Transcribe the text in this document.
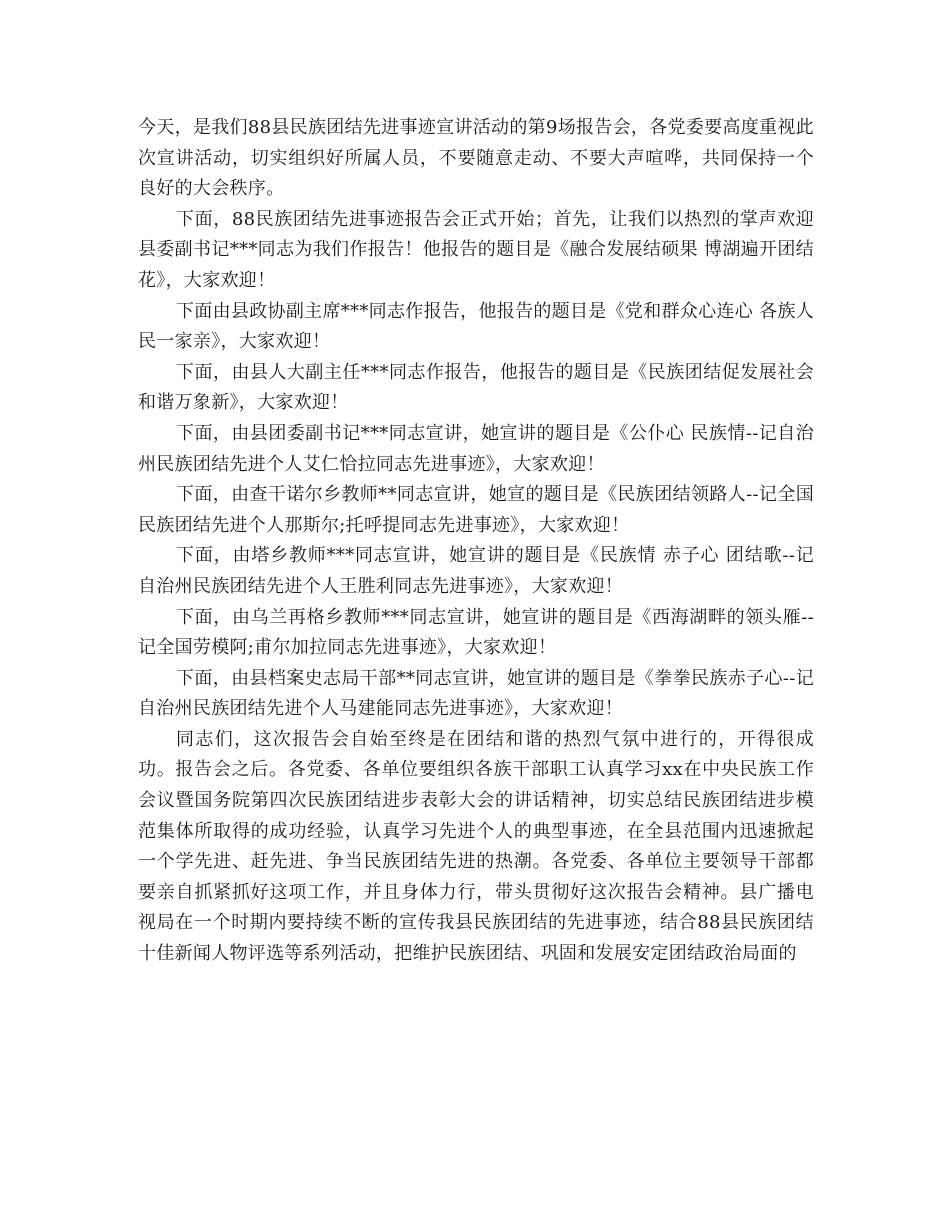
今天，是我们88县民族团结先进事迹宣讲活动的第9场报告会，各党委要高度重视此次宣讲活动，切实组织好所属人员，不要随意走动、不要大声喧哗，共同保持一个良好的大会秩序。

下面，88民族团结先进事迹报告会正式开始；首先，让我们以热烈的掌声欢迎县委副书记***同志为我们作报告！他报告的题目是《融合发展结硕果 博湖遍开团结花》，大家欢迎！

下面由县政协副主席***同志作报告，他报告的题目是《党和群众心连心 各族人民一家亲》，大家欢迎！

下面，由县人大副主任***同志作报告，他报告的题目是《民族团结促发展社会和谐万象新》，大家欢迎！

下面，由县团委副书记***同志宣讲，她宣讲的题目是《公仆心 民族情--记自治州民族团结先进个人艾仁恰拉同志先进事迹》，大家欢迎！

下面，由查干诺尔乡教师**同志宣讲，她宣的题目是《民族团结领路人--记全国民族团结先进个人那斯尔;托呼提同志先进事迹》，大家欢迎！

下面，由塔乡教师***同志宣讲，她宣讲的题目是《民族情 赤子心 团结歌--记自治州民族团结先进个人王胜利同志先进事迹》，大家欢迎！

下面，由乌兰再格乡教师***同志宣讲，她宣讲的题目是《西海湖畔的领头雁--记全国劳模阿;甫尔加拉同志先进事迹》，大家欢迎！

下面，由县档案史志局干部**同志宣讲，她宣讲的题目是《拳拳民族赤子心--记自治州民族团结先进个人马建能同志先进事迹》，大家欢迎！

同志们，这次报告会自始至终是在团结和谐的热烈气氛中进行的，开得很成功。报告会之后。各党委、各单位要组织各族干部职工认真学习xx在中央民族工作会议暨国务院第四次民族团结进步表彰大会的讲话精神，切实总结民族团结进步模范集体所取得的成功经验，认真学习先进个人的典型事迹，在全县范围内迅速掀起一个学先进、赶先进、争当民族团结先进的热潮。各党委、各单位主要领导干部都要亲自抓紧抓好这项工作，并且身体力行，带头贯彻好这次报告会精神。县广播电视局在一个时期内要持续不断的宣传我县民族团结的先进事迹，结合88县民族团结十佳新闻人物评选等系列活动，把维护民族团结、巩固和发展安定团结政治局面的
